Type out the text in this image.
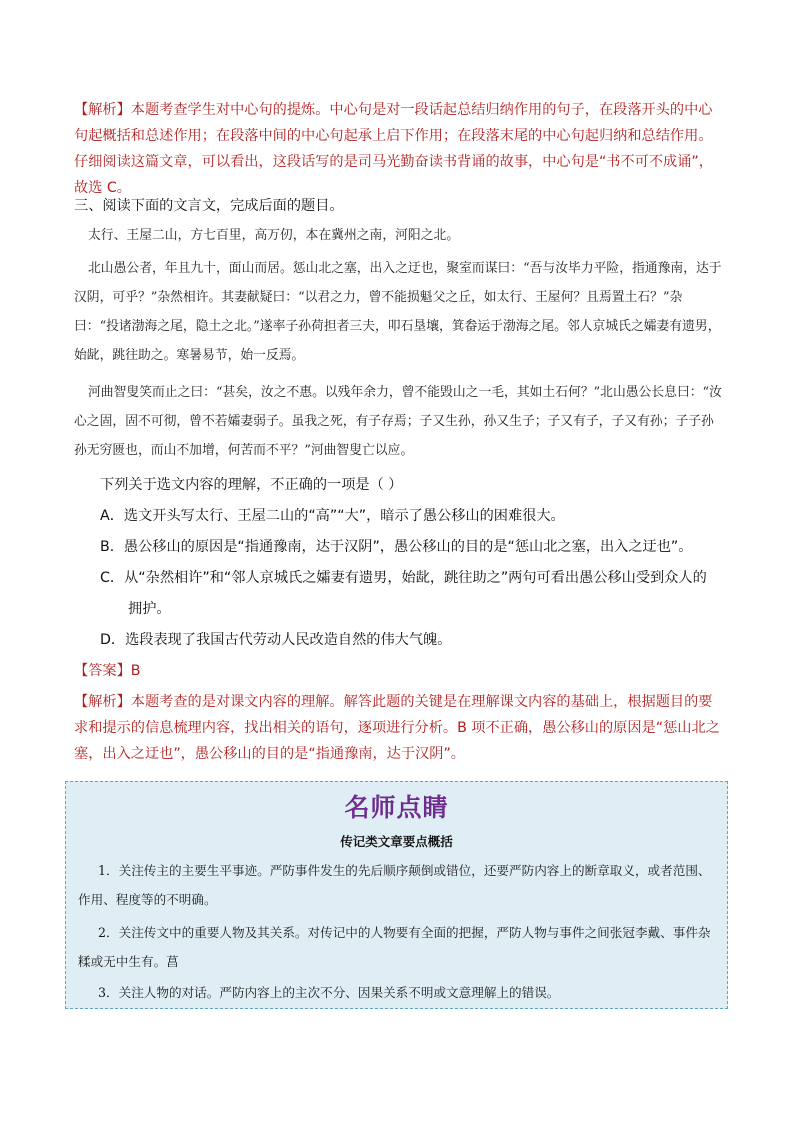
【解析】本题考查学生对中心句的提炼。中心句是对一段话起总结归纳作用的句子，在段落开头的中心句起概括和总述作用；在段落中间的中心句起承上启下作用；在段落末尾的中心句起归纳和总结作用。仔细阅读这篇文章，可以看出，这段话写的是司马光勤奋读书背诵的故事，中心句是“书不可不成诵”，故选 C。

三、阅读下面的文言文，完成后面的题目。

太行、王屋二山，方七百里，高万仞，本在冀州之南，河阳之北。

北山愚公者，年且九十，面山而居。惩山北之塞，出入之迂也，聚室而谋曰：“吾与汝毕力平险，指通豫南，达于汉阴，可乎？”杂然相许。其妻献疑曰：“以君之力，曾不能损魁父之丘，如太行、王屋何？且焉置土石？”杂曰：“投诸渤海之尾，隐土之北。”遂率子孙荷担者三夫，叩石垦壤，箕畚运于渤海之尾。邻人京城氏之孀妻有遗男，始龀，跳往助之。寒暑易节，始一反焉。

河曲智叟笑而止之曰：“甚矣，汝之不惠。以残年余力，曾不能毁山之一毛，其如土石何？”北山愚公长息曰：“汝心之固，固不可彻，曾不若孀妻弱子。虽我之死，有子存焉；子又生孙，孙又生子；子又有子，子又有孙；子子孙孙无穷匮也，而山不加增，何苦而不平？”河曲智叟亡以应。

下列关于选文内容的理解，不正确的一项是（ ）

A．选文开头写太行、王屋二山的“高”“大”，暗示了愚公移山的困难很大。

B．愚公移山的原因是“指通豫南，达于汉阴”，愚公移山的目的是“惩山北之塞，出入之迂也”。

C．从“杂然相许”和“邻人京城氏之孀妻有遗男，始龀，跳往助之”两句可看出愚公移山受到众人的

拥护。

D．选段表现了我国古代劳动人民改造自然的伟大气魄。

【答案】B

【解析】本题考查的是对课文内容的理解。解答此题的关键是在理解课文内容的基础上，根据题目的要求和提示的信息梳理内容，找出相关的语句，逐项进行分析。B 项不正确，愚公移山的原因是“惩山北之塞，出入之迂也”，愚公移山的目的是“指通豫南，达于汉阴”。

名师点睛
传记类文章要点概括

1．关注传主的主要生平事迹。严防事件发生的先后顺序颠倒或错位，还要严防内容上的断章取义，或者范围、作用、程度等的不明确。

2．关注传文中的重要人物及其关系。对传记中的人物要有全面的把握，严防人物与事件之间张冠李戴、事件杂糅或无中生有。菖

3．关注人物的对话。严防内容上的主次不分、因果关系不明或文意理解上的错误。
